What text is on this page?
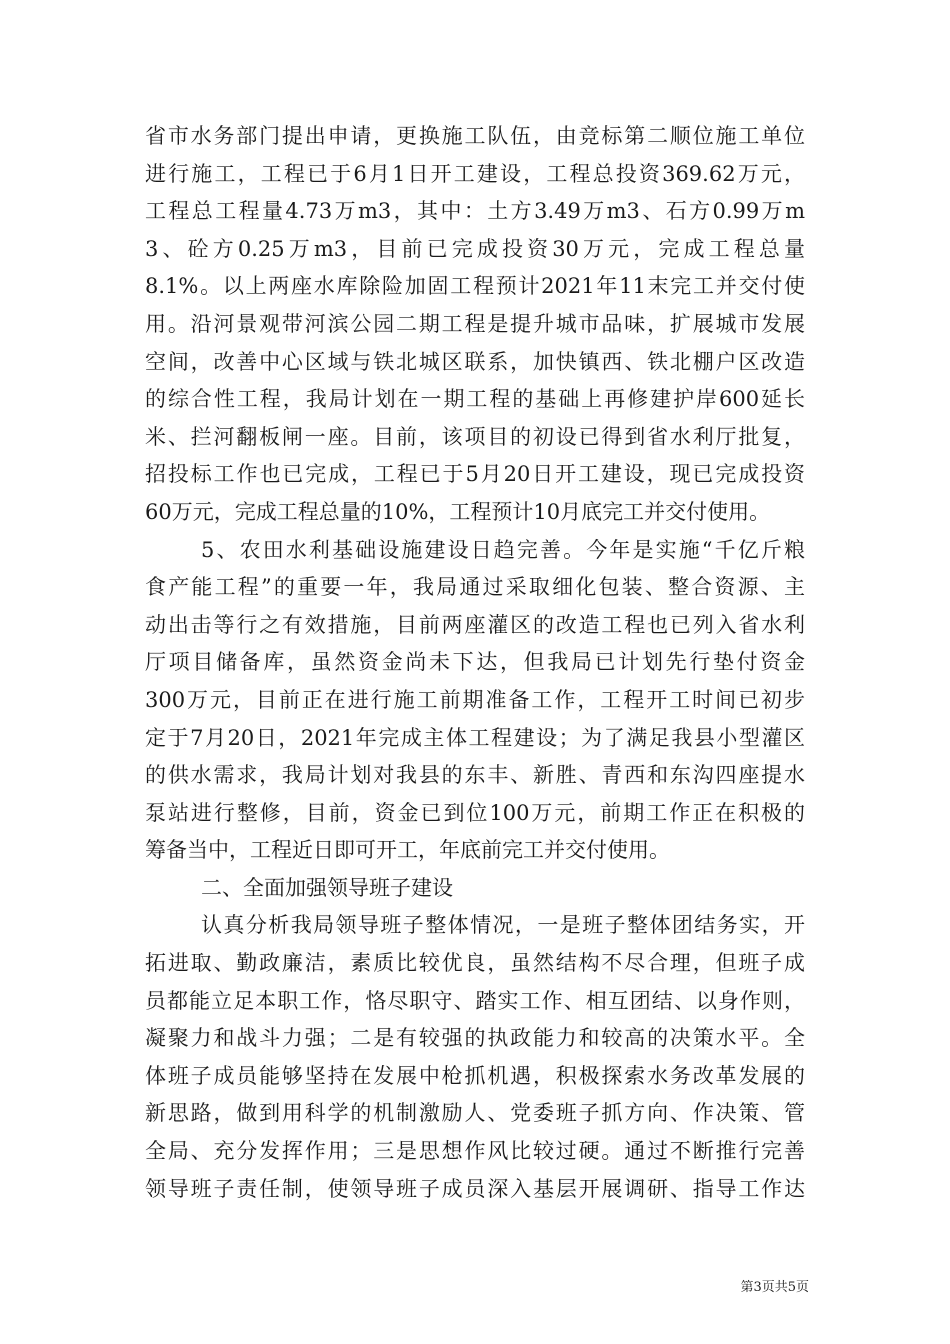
省市水务部门提出申请，更换施工队伍，由竞标第二顺位施工单位
进行施工，工程已于6月1日开工建设，工程总投资369.62万元，
工程总工程量4.73万m3，其中：土方3.49万m3、石方0.99万m
3、砼方0.25万m3，目前已完成投资30万元，完成工程总量
8.1%。以上两座水库除险加固工程预计2021年11末完工并交付使
用。沿河景观带河滨公园二期工程是提升城市品味，扩展城市发展
空间，改善中心区域与铁北城区联系，加快镇西、铁北棚户区改造
的综合性工程，我局计划在一期工程的基础上再修建护岸600延长
米、拦河翻板闸一座。目前，该项目的初设已得到省水利厅批复，
招投标工作也已完成，工程已于5月20日开工建设，现已完成投资
60万元，完成工程总量的10%，工程预计10月底完工并交付使用。
5、农田水利基础设施建设日趋完善。今年是实施“千亿斤粮
食产能工程”的重要一年，我局通过采取细化包装、整合资源、主
动出击等行之有效措施，目前两座灌区的改造工程也已列入省水利
厅项目储备库，虽然资金尚未下达，但我局已计划先行垫付资金
300万元，目前正在进行施工前期准备工作，工程开工时间已初步
定于7月20日，2021年完成主体工程建设；为了满足我县小型灌区
的供水需求，我局计划对我县的东丰、新胜、青西和东沟四座提水
泵站进行整修，目前，资金已到位100万元，前期工作正在积极的
筹备当中，工程近日即可开工，年底前完工并交付使用。
二、全面加强领导班子建设
认真分析我局领导班子整体情况，一是班子整体团结务实，开
拓进取、勤政廉洁，素质比较优良，虽然结构不尽合理，但班子成
员都能立足本职工作，恪尽职守、踏实工作、相互团结、以身作则，
凝聚力和战斗力强；二是有较强的执政能力和较高的决策水平。全
体班子成员能够坚持在发展中枪抓机遇，积极探索水务改革发展的
新思路，做到用科学的机制激励人、党委班子抓方向、作决策、管
全局、充分发挥作用；三是思想作风比较过硬。通过不断推行完善
领导班子责任制，使领导班子成员深入基层开展调研、指导工作达
第3页共5页
